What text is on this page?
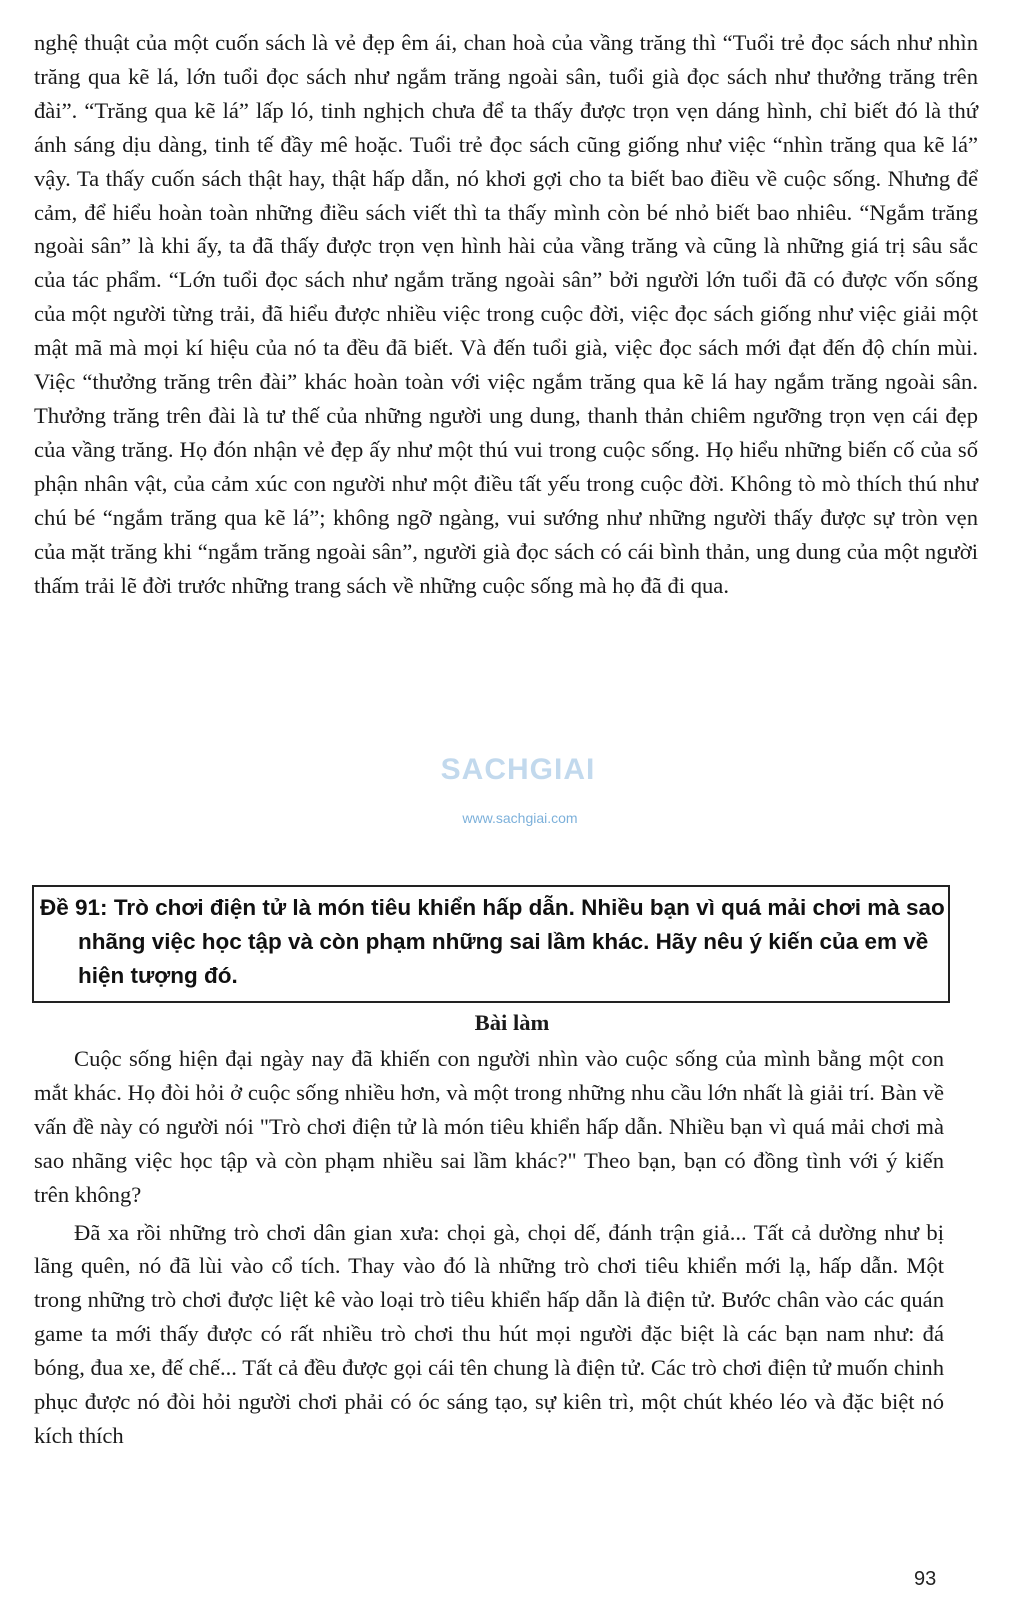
nghệ thuật của một cuốn sách là vẻ đẹp êm ái, chan hoà của vầng trăng thì “Tuổi trẻ đọc sách như nhìn trăng qua kẽ lá, lớn tuổi đọc sách như ngắm trăng ngoài sân, tuổi già đọc sách như thưởng trăng trên đài”. “Trăng qua kẽ lá” lấp ló, tinh nghịch chưa để ta thấy được trọn vẹn dáng hình, chỉ biết đó là thứ ánh sáng dịu dàng, tinh tế đầy mê hoặc. Tuổi trẻ đọc sách cũng giống như việc “nhìn trăng qua kẽ lá” vậy. Ta thấy cuốn sách thật hay, thật hấp dẫn, nó khơi gợi cho ta biết bao điều về cuộc sống. Nhưng để cảm, để hiểu hoàn toàn những điều sách viết thì ta thấy mình còn bé nhỏ biết bao nhiêu. “Ngắm trăng ngoài sân” là khi ấy, ta đã thấy được trọn vẹn hình hài của vầng trăng và cũng là những giá trị sâu sắc của tác phẩm. “Lớn tuổi đọc sách như ngắm trăng ngoài sân” bởi người lớn tuổi đã có được vốn sống của một người từng trải, đã hiểu được nhiều việc trong cuộc đời, việc đọc sách giống như việc giải một mật mã mà mọi kí hiệu của nó ta đều đã biết. Và đến tuổi già, việc đọc sách mới đạt đến độ chín mùi. Việc “thưởng trăng trên đài” khác hoàn toàn với việc ngắm trăng qua kẽ lá hay ngắm trăng ngoài sân. Thưởng trăng trên đài là tư thế của những người ung dung, thanh thản chiêm ngưỡng trọn vẹn cái đẹp của vầng trăng. Họ đón nhận vẻ đẹp ấy như một thú vui trong cuộc sống. Họ hiểu những biến cố của số phận nhân vật, của cảm xúc con người như một điều tất yếu trong cuộc đời. Không tò mò thích thú như chú bé “ngắm trăng qua kẽ lá”; không ngỡ ngàng, vui sướng như những người thấy được sự tròn vẹn của mặt trăng khi “ngắm trăng ngoài sân”, người già đọc sách có cái bình thản, ung dung của một người thấm trải lẽ đời trước những trang sách về những cuộc sống mà họ đã đi qua.

SACHGIAI
www.sachgiai.com
Đề 91: Trò chơi điện tử là món tiêu khiển hấp dẫn. Nhiều bạn vì quá mải chơi mà sao nhãng việc học tập và còn phạm những sai lầm khác. Hãy nêu ý kiến của em về hiện tượng đó.
Bài làm

Cuộc sống hiện đại ngày nay đã khiến con người nhìn vào cuộc sống của mình bằng một con mắt khác. Họ đòi hỏi ở cuộc sống nhiều hơn, và một trong những nhu cầu lớn nhất là giải trí. Bàn về vấn đề này có người nói "Trò chơi điện tử là món tiêu khiển hấp dẫn. Nhiều bạn vì quá mải chơi mà sao nhãng việc học tập và còn phạm nhiều sai lầm khác?" Theo bạn, bạn có đồng tình với ý kiến trên không?

Đã xa rồi những trò chơi dân gian xưa: chọi gà, chọi dế, đánh trận giả... Tất cả dường như bị lãng quên, nó đã lùi vào cổ tích. Thay vào đó là những trò chơi tiêu khiển mới lạ, hấp dẫn. Một trong những trò chơi được liệt kê vào loại trò tiêu khiển hấp dẫn là điện tử. Bước chân vào các quán game ta mới thấy được có rất nhiều trò chơi thu hút mọi người đặc biệt là các bạn nam như: đá bóng, đua xe, đế chế... Tất cả đều được gọi cái tên chung là điện tử. Các trò chơi điện tử muốn chinh phục được nó đòi hỏi người chơi phải có óc sáng tạo, sự kiên trì, một chút khéo léo và đặc biệt nó kích thích

93
